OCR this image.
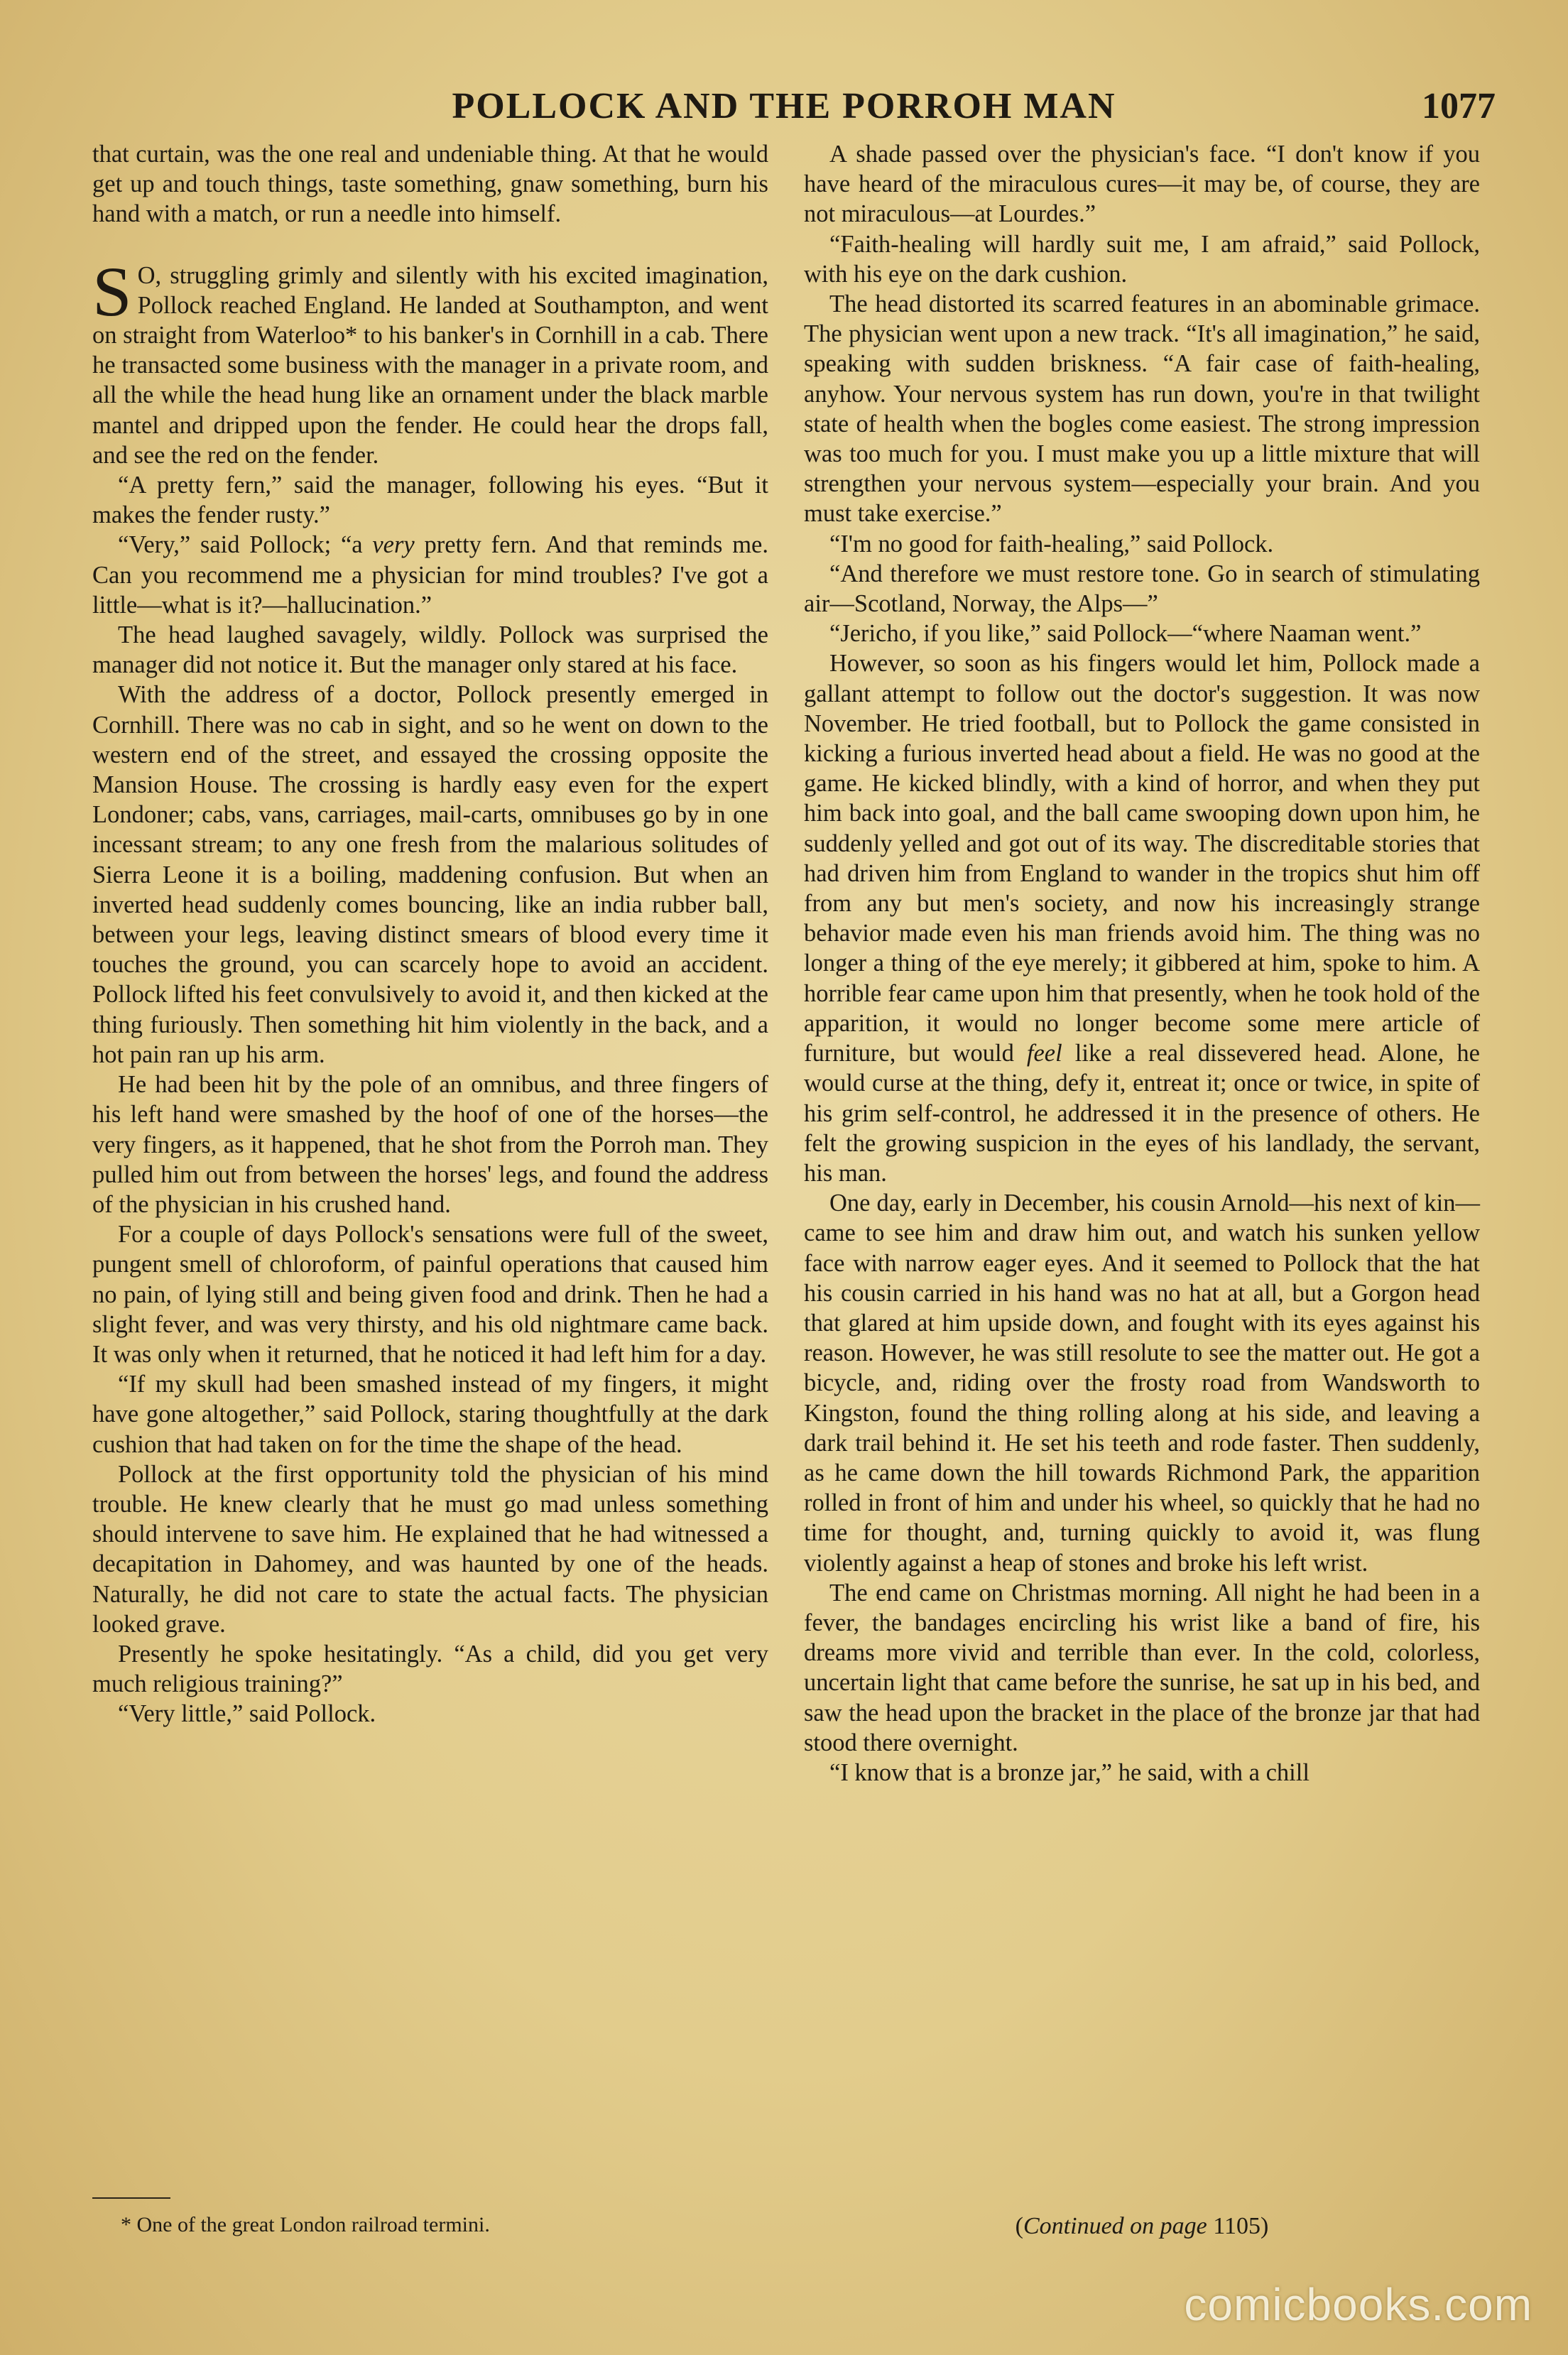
POLLOCK AND THE PORROH MAN	1077

that curtain, was the one real and undeniable thing. At that he would get up and touch things, taste something, gnaw something, burn his hand with a match, or run a needle into himself.

S O, struggling grimly and silently with his excited imagination, Pollock reached England. He landed at Southampton, and went on straight from Waterloo* to his banker's in Cornhill in a cab. There he transacted some business with the manager in a private room, and all the while the head hung like an ornament under the black marble mantel and dripped upon the fender. He could hear the drops fall, and see the red on the fender.

“A pretty fern,” said the manager, following his eyes. “But it makes the fender rusty.”

“Very,” said Pollock; “a very pretty fern. And that reminds me. Can you recommend me a physician for mind troubles? I've got a little—what is it?—hallucination.”

The head laughed savagely, wildly. Pollock was surprised the manager did not notice it. But the manager only stared at his face.

With the address of a doctor, Pollock presently emerged in Cornhill. There was no cab in sight, and so he went on down to the western end of the street, and essayed the crossing opposite the Mansion House. The crossing is hardly easy even for the expert Londoner; cabs, vans, carriages, mail-carts, omnibuses go by in one incessant stream; to any one fresh from the malarious solitudes of Sierra Leone it is a boiling, maddening confusion. But when an inverted head suddenly comes bouncing, like an india rubber ball, between your legs, leaving distinct smears of blood every time it touches the ground, you can scarcely hope to avoid an accident. Pollock lifted his feet convulsively to avoid it, and then kicked at the thing furiously. Then something hit him violently in the back, and a hot pain ran up his arm.

He had been hit by the pole of an omnibus, and three fingers of his left hand were smashed by the hoof of one of the horses—the very fingers, as it happened, that he shot from the Porroh man. They pulled him out from between the horses' legs, and found the address of the physician in his crushed hand.

For a couple of days Pollock's sensations were full of the sweet, pungent smell of chloroform, of painful operations that caused him no pain, of lying still and being given food and drink. Then he had a slight fever, and was very thirsty, and his old nightmare came back. It was only when it returned, that he noticed it had left him for a day.

“If my skull had been smashed instead of my fingers, it might have gone altogether,” said Pollock, staring thoughtfully at the dark cushion that had taken on for the time the shape of the head.

Pollock at the first opportunity told the physician of his mind trouble. He knew clearly that he must go mad unless something should intervene to save him. He explained that he had witnessed a decapitation in Dahomey, and was haunted by one of the heads. Naturally, he did not care to state the actual facts. The physician looked grave.

Presently he spoke hesitatingly. “As a child, did you get very much religious training?”

“Very little,” said Pollock.

A shade passed over the physician's face. “I don't know if you have heard of the miraculous cures—it may be, of course, they are not miraculous—at Lourdes.”

“Faith-healing will hardly suit me, I am afraid,” said Pollock, with his eye on the dark cushion.

The head distorted its scarred features in an abominable grimace. The physician went upon a new track. “It's all imagination,” he said, speaking with sudden briskness. “A fair case of faith-healing, anyhow. Your nervous system has run down, you're in that twilight state of health when the bogles come easiest. The strong impression was too much for you. I must make you up a little mixture that will strengthen your nervous system—especially your brain. And you must take exercise.”

“I'm no good for faith-healing,” said Pollock.

“And therefore we must restore tone. Go in search of stimulating air—Scotland, Norway, the Alps—”

“Jericho, if you like,” said Pollock—“where Naaman went.”

However, so soon as his fingers would let him, Pollock made a gallant attempt to follow out the doctor's suggestion. It was now November. He tried football, but to Pollock the game consisted in kicking a furious inverted head about a field. He was no good at the game. He kicked blindly, with a kind of horror, and when they put him back into goal, and the ball came swooping down upon him, he suddenly yelled and got out of its way. The discreditable stories that had driven him from England to wander in the tropics shut him off from any but men's society, and now his increasingly strange behavior made even his man friends avoid him. The thing was no longer a thing of the eye merely; it gibbered at him, spoke to him. A horrible fear came upon him that presently, when he took hold of the apparition, it would no longer become some mere article of furniture, but would feel like a real dissevered head. Alone, he would curse at the thing, defy it, entreat it; once or twice, in spite of his grim self-control, he addressed it in the presence of others. He felt the growing suspicion in the eyes of his landlady, the servant, his man.

One day, early in December, his cousin Arnold—his next of kin—came to see him and draw him out, and watch his sunken yellow face with narrow eager eyes. And it seemed to Pollock that the hat his cousin carried in his hand was no hat at all, but a Gorgon head that glared at him upside down, and fought with its eyes against his reason. However, he was still resolute to see the matter out. He got a bicycle, and, riding over the frosty road from Wandsworth to Kingston, found the thing rolling along at his side, and leaving a dark trail behind it. He set his teeth and rode faster. Then suddenly, as he came down the hill towards Richmond Park, the apparition rolled in front of him and under his wheel, so quickly that he had no time for thought, and, turning quickly to avoid it, was flung violently against a heap of stones and broke his left wrist.

The end came on Christmas morning. All night he had been in a fever, the bandages encircling his wrist like a band of fire, his dreams more vivid and terrible than ever. In the cold, colorless, uncertain light that came before the sunrise, he sat up in his bed, and saw the head upon the bracket in the place of the bronze jar that had stood there overnight.

“I know that is a bronze jar,” he said, with a chill

* One of the great London railroad termini.	(Continued on page 1105)
comicbooks.com
